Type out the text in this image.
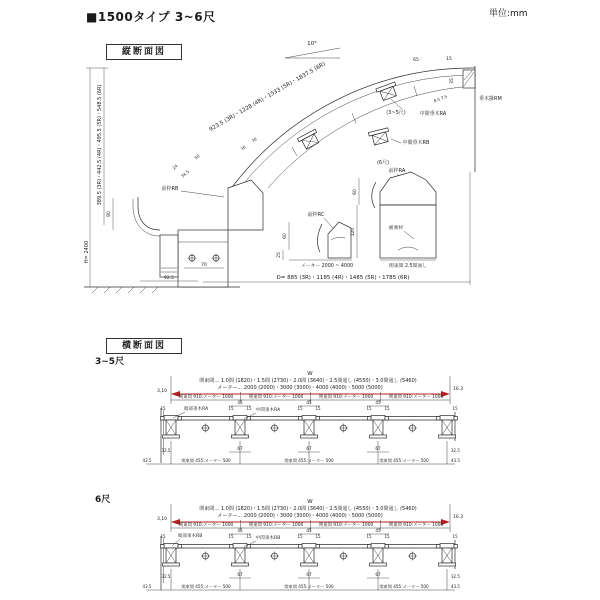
■1500タイプ 3~6尺	単位:mm
縦断面図
横断面図
3~5尺
6尺
389.5 (3R)・442.5 (4R)・495.5 (5R)・548.5 (6R)
H= 2400
80
923.5 (3R)・1228 (4R)・1533 (5R)・1837.5 (6R)
10°
24
34.5
50
30
30
70
92.5
前枠RB
(3~5尺)	中間垂木RA
中間垂木RB
(6尺)
前枠RA
垂木掛RM
15
35
65
8.5 7.5
前枠RC
60
25
メーター 2000 ~ 4000
補強材
60
120
関東間 2.5間通し
D= 885 (3R)・1185 (4R)・1485 (5R)・1785 (6R)
W
関東間… 1.0間 (1820)・1.5間 (2730)・2.0間 (3640)・2.5間通し (4550)・3.0間通し (5460)
メーター… 2000 (2000)・3000 (3000)・4000 (4000)・5000 (5000)
3,10	16.3
関東間 910:メーター 1000	関東間 910:メーター 1000	関東間 910:メーター 1000	関東間 910:メーター 1000
45	45	45
15	15	15	15	15	15
15	15
端部垂木RA	中間垂木RA
67	67	67
32.5
43.5
32.5
43.5
関東間 455:メーター 500	関東間 455:メーター 500	関東間 455:メーター 500
W
関東間… 1.0間 (1820)・1.5間 (2730)・2.0間 (3640)・2.5間通し (4550)・3.0間通し (5460)
メーター… 2000 (2000)・3000 (3000)・4000 (4000)・5000 (5000)
3,10	16.3
関東間 910:メーター 1000	関東間 910:メーター 1000	関東間 910:メーター 1000	関東間 910:メーター 1000
45	45	45
15	15	15	15	15	15
15	15
端部垂木RB	中間垂木RB
67	67	67
32.5
43.5
32.5
43.5
関東間 455:メーター 500	関東間 455:メーター 500	関東間 455:メーター 500
